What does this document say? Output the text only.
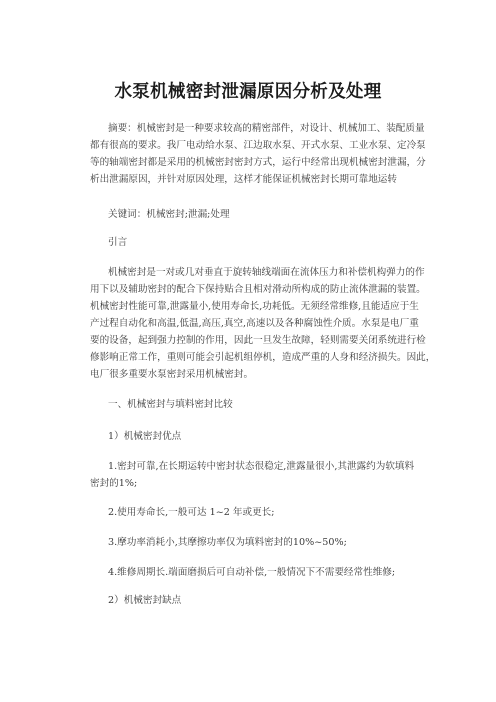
水泵机械密封泄漏原因分析及处理
摘要：机械密封是一种要求较高的精密部件，对设计、机械加工、装配质量
都有很高的要求。我厂电动给水泵、江边取水泵、开式水泵、工业水泵、定冷泵
等的轴端密封都是采用的机械密封密封方式，运行中经常出现机械密封泄漏，分
析出泄漏原因，并针对原因处理，这样才能保证机械密封长期可靠地运转
关键词：机械密封;泄漏;处理
引言
机械密封是一对或几对垂直于旋转轴线端面在流体压力和补偿机构弹力的作
用下以及辅助密封的配合下保持贴合且相对滑动所构成的防止流体泄漏的装置。
机械密封性能可靠,泄露量小,使用寿命长,功耗低。无须经常维修,且能适应于生
产过程自动化和高温,低温,高压,真空,高速以及各种腐蚀性介质。水泵是电厂重
要的设备，起到强力控制的作用，因此一旦发生故障，轻则需要关闭系统进行检
修影响正常工作，重则可能会引起机组停机，造成严重的人身和经济损失。因此，
电厂很多重要水泵密封采用机械密封。
一、机械密封与填料密封比较
1）机械密封优点
1.密封可靠,在长期运转中密封状态很稳定,泄露量很小,其泄露约为软填料
密封的1%;
2.使用寿命长,一般可达 1~2 年或更长;
3.摩功率消耗小,其摩擦功率仅为填料密封的10%~50%;
4.维修周期长.端面磨损后可自动补偿,一般情况下不需要经常性维修;
2）机械密封缺点
